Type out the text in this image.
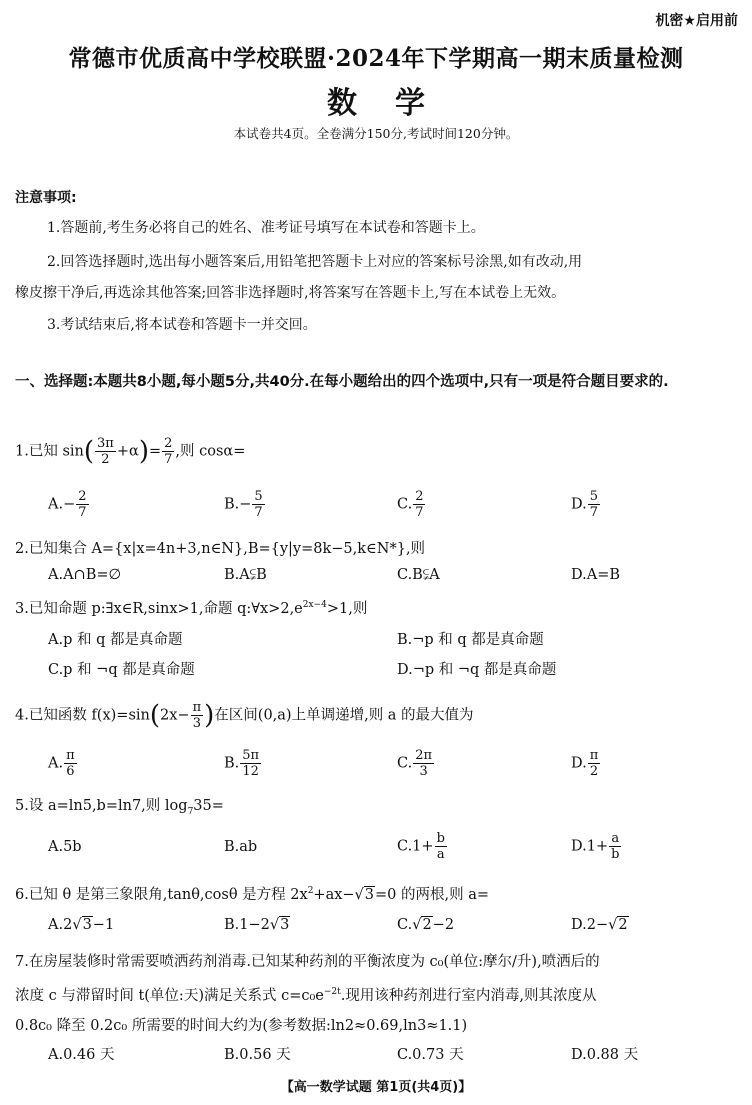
机密★启用前
常德市优质高中学校联盟·2024年下学期高一期末质量检测
数学
本试卷共4页。全卷满分150分,考试时间120分钟。
注意事项:
1.答题前,考生务必将自己的姓名、准考证号填写在本试卷和答题卡上。
2.回答选择题时,选出每小题答案后,用铅笔把答题卡上对应的答案标号涂黑,如有改动,用
橡皮擦干净后,再选涂其他答案;回答非选择题时,将答案写在答题卡上,写在本试卷上无效。
3.考试结束后,将本试卷和答题卡一并交回。
一、选择题:本题共8小题,每小题5分,共40分.在每小题给出的四个选项中,只有一项是符合题目要求的.
1.已知 $\sin( \frac{3\pi}{2} +\alpha)= \frac{2}{7}$ ,则 cosα=
$A.- \frac{2}{7}$	$B.- \frac{5}{7}$	C. $\frac{2}{7}$	D. $\frac{5}{7}$
2.已知集合 A={x|x=4n+3,n∈N},B={y|y=8k−5,k∈N*},则
A.A∩B=∅	B.A⫋B	C.B⫋A	D.A=B
3.已知命题 p:∃x∈R,sinx>1,命题 $q:\forall x>2,e^{2x-4}>1$,则
A.p 和 q 都是真命题	B.¬p 和 q 都是真命题
C.p 和 ¬q 都是真命题	D.¬p 和 ¬q 都是真命题
4.已知函数 $f(x)=\sin(2x- \frac{\pi}{3}$ )在区间(0,a)上单调递增,则 a 的最大值为
A. $\frac{\pi}{6}$	B. $\frac{5\pi}{12}$	C. $\frac{2\pi}{3}$	D. $\frac{\pi}{2}$
5.设 a=ln5,b=ln7,则 $\log_735=$
A.5b	B.ab	$C.1+ \frac{b}{a}$	$D.1+ \frac{a}{b}$
6.已知 θ 是第三象限角,tanθ,cosθ 是方程 $2x^2+ax-√3=0$ 的两根,则 a=
A.2√3−1	B.1−2√3	C.√2−2	D.2−√2
7.在房屋装修时常需要喷洒药剂消毒.已知某种药剂的平衡浓度为 c₀(单位:摩尔/升),喷洒后的
浓度 c 与滞留时间 t(单位:天)满足关系式 $c=c_0e^{-2t}$.现用该种药剂进行室内消毒,则其浓度从
0.8c₀ 降至 0.2c₀ 所需要的时间大约为(参考数据:ln2≈0.69,ln3≈1.1)
A.0.46 天	B.0.56 天	C.0.73 天	D.0.88 天
【高一数学试题 第1页(共4页)】
